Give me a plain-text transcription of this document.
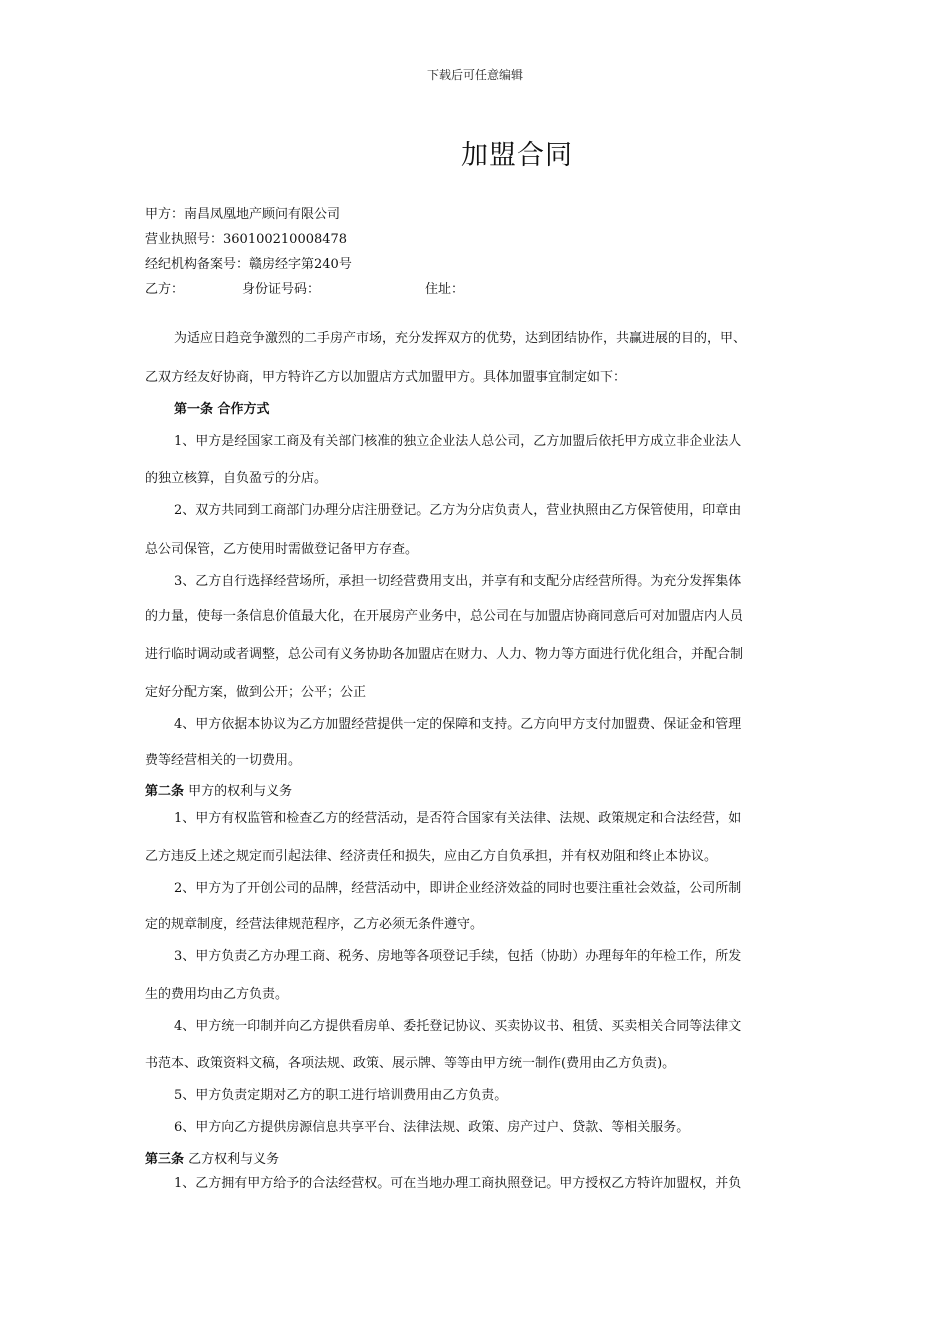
下载后可任意编辑
加盟合同
甲方：南昌凤凰地产顾问有限公司
营业执照号：360100210008478
经纪机构备案号：赣房经字第240号
乙方：	身份证号码：	住址：
为适应日趋竞争激烈的二手房产市场，充分发挥双方的优势，达到团结协作，共赢进展的目的，甲、
乙双方经友好协商，甲方特许乙方以加盟店方式加盟甲方。具体加盟事宜制定如下：
第一条 合作方式
1、甲方是经国家工商及有关部门核准的独立企业法人总公司，乙方加盟后依托甲方成立非企业法人
的独立核算，自负盈亏的分店。
2、双方共同到工商部门办理分店注册登记。乙方为分店负责人，营业执照由乙方保管使用，印章由
总公司保管，乙方使用时需做登记备甲方存查。
3、乙方自行选择经营场所，承担一切经营费用支出，并享有和支配分店经营所得。为充分发挥集体
的力量，使每一条信息价值最大化，在开展房产业务中，总公司在与加盟店协商同意后可对加盟店内人员
进行临时调动或者调整，总公司有义务协助各加盟店在财力、人力、物力等方面进行优化组合，并配合制
定好分配方案，做到公开；公平；公正
4、甲方依据本协议为乙方加盟经营提供一定的保障和支持。乙方向甲方支付加盟费、保证金和管理
费等经营相关的一切费用。
第二条 甲方的权利与义务
1、甲方有权监管和检查乙方的经营活动，是否符合国家有关法律、法规、政策规定和合法经营，如
乙方违反上述之规定而引起法律、经济责任和损失，应由乙方自负承担，并有权劝阻和终止本协议。
2、甲方为了开创公司的品牌，经营活动中，即讲企业经济效益的同时也要注重社会效益，公司所制
定的规章制度，经营法律规范程序，乙方必须无条件遵守。
3、甲方负责乙方办理工商、税务、房地等各项登记手续，包括（协助）办理每年的年检工作，所发
生的费用均由乙方负责。
4、甲方统一印制并向乙方提供看房单、委托登记协议、买卖协议书、租赁、买卖相关合同等法律文
书范本、政策资料文稿，各项法规、政策、展示牌、等等由甲方统一制作(费用由乙方负责)。
5、甲方负责定期对乙方的职工进行培训费用由乙方负责。
6、甲方向乙方提供房源信息共享平台、法律法规、政策、房产过户、贷款、等相关服务。
第三条 乙方权利与义务
1、乙方拥有甲方给予的合法经营权。可在当地办理工商执照登记。甲方授权乙方特许加盟权，并负
